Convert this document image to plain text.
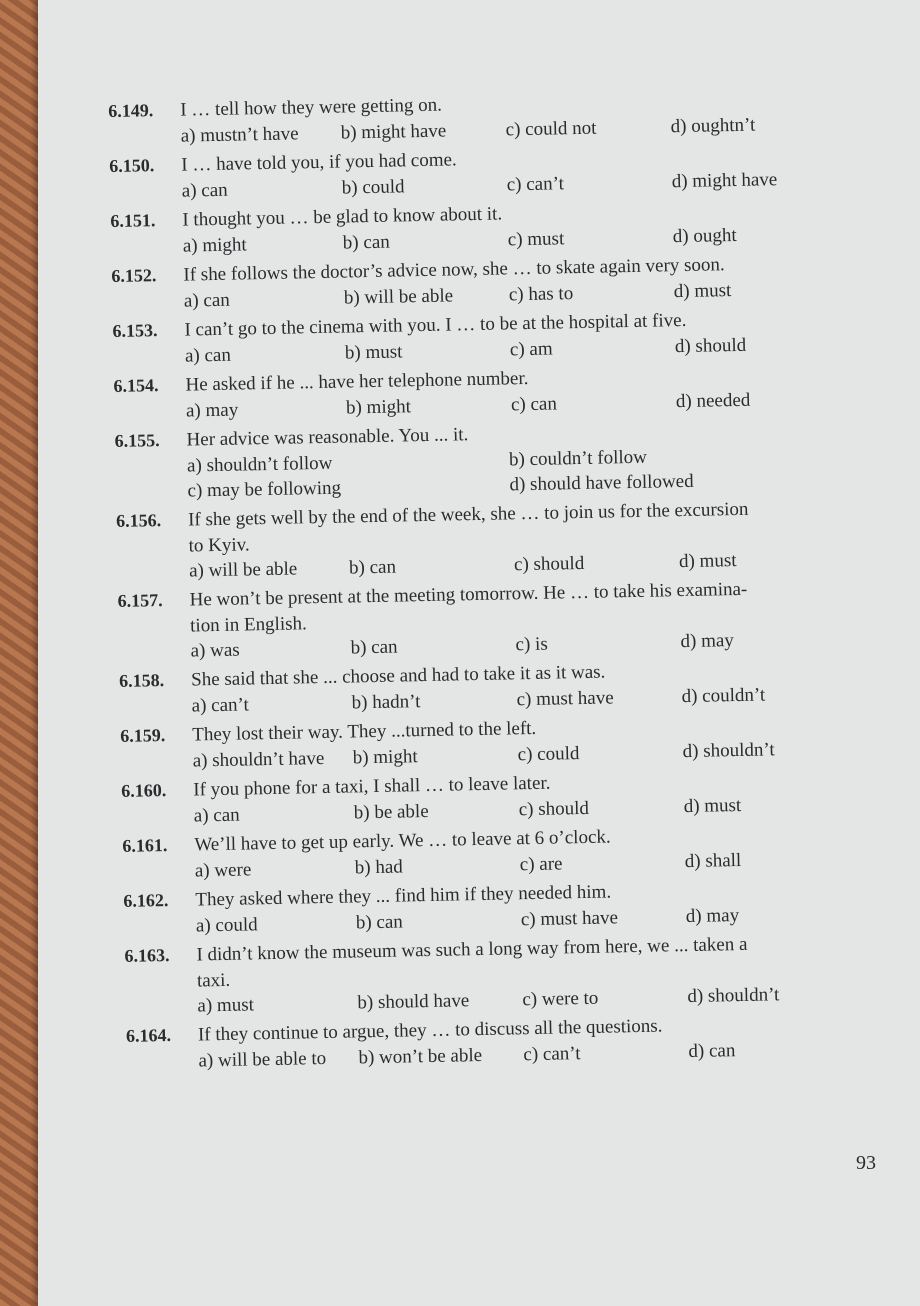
6.149.	I … tell how they were getting on.
a) mustn’t have	b) might have	c) could not	d) oughtn’t
6.150.	I … have told you, if you had come.
a) can	b) could	c) can’t	d) might have
6.151.	I thought you … be glad to know about it.
a) might	b) can	c) must	d) ought
6.152.	If she follows the doctor’s advice now, she … to skate again very soon.
a) can	b) will be able	c) has to	d) must
6.153.	I can’t go to the cinema with you. I … to be at the hospital at five.
a) can	b) must	c) am	d) should
6.154.	He asked if he ... have her telephone number.
a) may	b) might	c) can	d) needed
6.155.	Her advice was reasonable. You ... it.
a) shouldn’t follow	b) couldn’t follow
c) may be following	d) should have followed
6.156.	If she gets well by the end of the week, she … to join us for the excursion
to Kyiv.
a) will be able	b) can	c) should	d) must
6.157.	He won’t be present at the meeting tomorrow. He … to take his examina-
tion in English.
a) was	b) can	c) is	d) may
6.158.	She said that she ... choose and had to take it as it was.
a) can’t	b) hadn’t	c) must have	d) couldn’t
6.159.	They lost their way. They ...turned to the left.
a) shouldn’t have	b) might	c) could	d) shouldn’t
6.160.	If you phone for a taxi, I shall … to leave later.
a) can	b) be able	c) should	d) must
6.161.	We’ll have to get up early. We … to leave at 6 o’clock.
a) were	b) had	c) are	d) shall
6.162.	They asked where they ... find him if they needed him.
a) could	b) can	c) must have	d) may
6.163.	I didn’t know the museum was such a long way from here, we ... taken a
taxi.
a) must	b) should have	c) were to	d) shouldn’t
6.164.	If they continue to argue, they … to discuss all the questions.
a) will be able to	b) won’t be able	c) can’t	d) can
93
